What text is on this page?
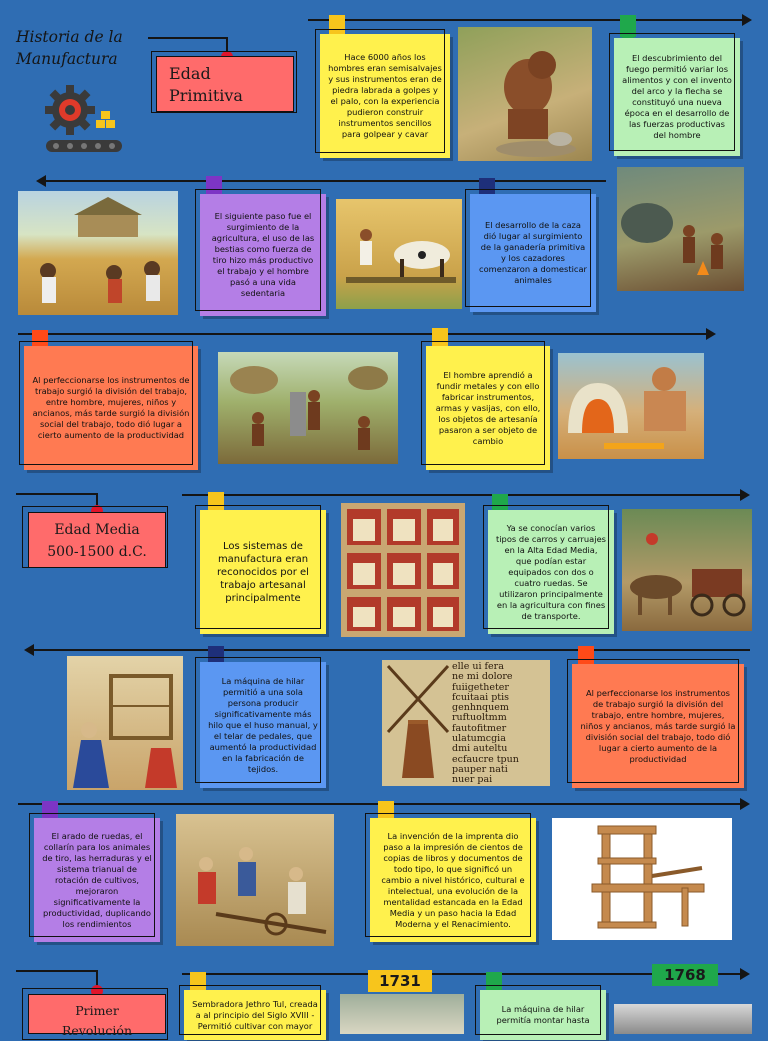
Historia de la
Manufactura
Edad
Primitiva
Hace 6000 años los hombres eran semisalvajes y sus instrumentos eran de piedra labrada a golpes y el palo, con la experiencia pudieron construir instrumentos sencillos para golpear y cavar
El descubrimiento del fuego permitió variar los alimentos y con el invento del arco y la flecha se constituyó una nueva época en el desarrollo de las fuerzas productivas del hombre
El siguiente paso fue el surgimiento de la agricultura, el uso de las bestias como fuerza de tiro hizo más productivo el trabajo y el hombre pasó a una vida sedentaria
El desarrollo de la caza dió lugar al surgimiento de la ganadería primitiva y los cazadores comenzaron a domesticar animales
Al perfeccionarse los instrumentos de trabajo surgió la división del trabajo, entre hombre, mujeres, niños y ancianos, más tarde surgió la división social del trabajo, todo dió lugar a cierto aumento de la productividad
El hombre aprendió a fundir metales y con ello fabricar instrumentos, armas y vasijas, con ello, los objetos de artesanía pasaron a ser objeto de cambio
Edad Media
500-1500 d.C.	Los sistemas de manufactura eran reconocidos por el trabajo artesanal principalmente
Ya se conocían varios tipos de carros y carruajes en la Alta Edad Media, que podían estar equipados con dos o cuatro ruedas. Se utilizaron principalmente en la agricultura con fines de transporte.
La máquina de hilar permitió a una sola persona producir significativamente más hilo que el huso manual, y el telar de pedales, que aumentó la productividad en la fabricación de tejidos.
elle ui fera
ne mi dolore
fuiigetheter
fcuitaai ptis
genhnquem
ruftuoltmm
fautofitmer
ulatumcgia
dmi auteltu
ecfaucre tpun
pauper nati
nuer pai
Al perfeccionarse los instrumentos de trabajo surgió la división del trabajo, entre hombre, mujeres, niños y ancianos, más tarde surgió la división social del trabajo, todo dió lugar a cierto aumento de la productividad
El arado de ruedas, el collarín para los animales de tiro, las herraduras y el sistema trianual de rotación de cultivos, mejoraron significativamente la productividad, duplicando los rendimientos
La invención de la imprenta dio paso a la impresión de cientos de copias de libros y documentos de todo tipo, lo que significó un cambio a nivel histórico, cultural e intelectual, una evolución de la mentalidad estancada en la Edad Media y un paso hacia la Edad Moderna y el Renacimiento.
Primer Revolución
Sembradora Jethro Tul, creada a al principio del Siglo XVIII - Permitió cultivar con mayor
1731
La máquina de hilar permitía montar hasta
1768
